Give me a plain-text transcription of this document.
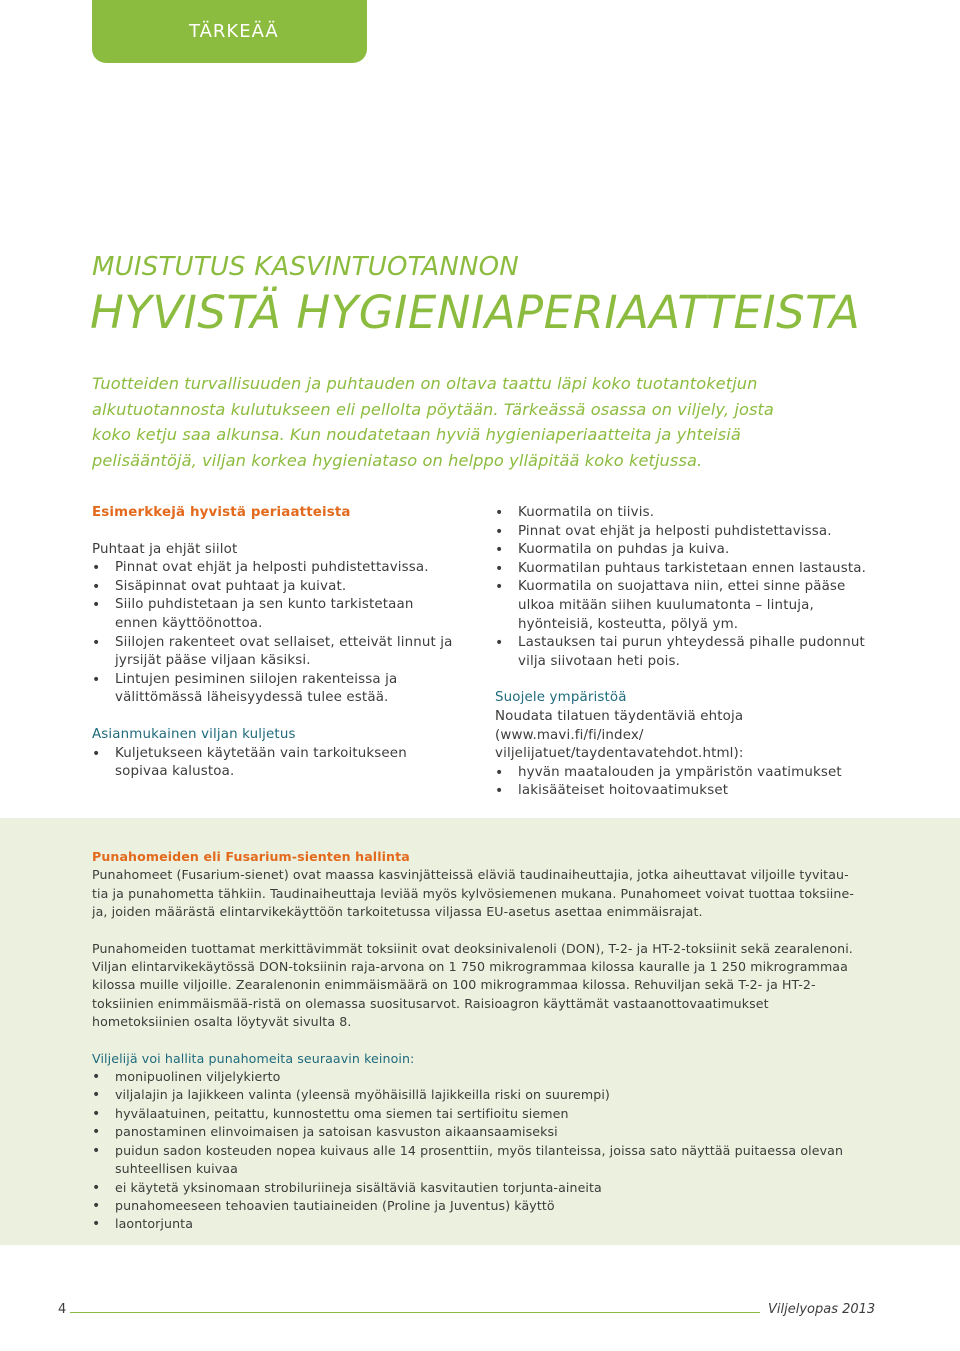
TÄRKEÄÄ
MUISTUTUS KASVINTUOTANNON
HYVISTÄ HYGIENIAPERIAATTEISTA
Tuotteiden turvallisuuden ja puhtauden on oltava taattu läpi koko tuotantoketjun
alkutuotannosta kulutukseen eli pellolta pöytään. Tärkeässä osassa on viljely, josta
koko ketju saa alkunsa. Kun noudatetaan hyviä hygieniaperiaatteita ja yhteisiä
pelisääntöjä, viljan korkea hygieniataso on helppo ylläpitää koko ketjussa.
Esimerkkejä hyvistä periaatteista
Puhtaat ja ehjät siilot
• Pinnat ovat ehjät ja helposti puhdistettavissa.
• Sisäpinnat ovat puhtaat ja kuivat.
• Siilo puhdistetaan ja sen kunto tarkistetaan ennen käyttöönottoa.
• Siilojen rakenteet ovat sellaiset, etteivät linnut ja jyrsijät pääse viljaan käsiksi.
• Lintujen pesiminen siilojen rakenteissa ja välittömässä läheisyydessä tulee estää.
Asianmukainen viljan kuljetus
• Kuljetukseen käytetään vain tarkoitukseen sopivaa kalustoa.
• Kuormatila on tiivis.
• Pinnat ovat ehjät ja helposti puhdistettavissa.
• Kuormatila on puhdas ja kuiva.
• Kuormatilan puhtaus tarkistetaan ennen lastausta.
• Kuormatila on suojattava niin, ettei sinne pääse ulkoa mitään siihen kuulumatonta – lintuja, hyönteisiä, kosteutta, pölyä ym.
• Lastauksen tai purun yhteydessä pihalle pudonnut vilja siivotaan heti pois.
Suojele ympäristöä
Noudata tilatuen täydentäviä ehtoja (www.mavi.fi/fi/index/ viljelijatuet/taydentavatehdot.html):
• hyvän maatalouden ja ympäristön vaatimukset
• lakisääteiset hoitovaatimukset
Punahomeiden eli Fusarium-sienten hallinta

Punahomeet (Fusarium-sienet) ovat maassa kasvinjätteissä eläviä taudinaiheuttajia, jotka aiheuttavat viljoille tyvitau-tia ja punahometta tähkiin. Taudinaiheuttaja leviää myös kylvösiemenen mukana. Punahomeet voivat tuottaa toksiine-ja, joiden määrästä elintarvikekäyttöön tarkoitetussa viljassa EU-asetus asettaa enimmäisrajat.

Punahomeiden tuottamat merkittävimmät toksiinit ovat deoksinivalenoli (DON), T-2- ja HT-2-toksiinit sekä zearalenoni. Viljan elintarvikekäytössä DON-toksiinin raja-arvona on 1 750 mikrogrammaa kilossa kauralle ja 1 250 mikrogrammaa kilossa muille viljoille. Zearalenonin enimmäismäärä on 100 mikrogrammaa kilossa. Rehuviljan sekä T-2- ja HT-2-toksiinien enimmäismää-ristä on olemassa suositusarvot. Raisioagron käyttämät vastaanottovaatimukset hometoksiinien osalta löytyvät sivulta 8.

Viljelijä voi hallita punahomeita seuraavin keinoin:
• monipuolinen viljelykierto
• viljalajin ja lajikkeen valinta (yleensä myöhäisillä lajikkeilla riski on suurempi)
• hyvälaatuinen, peitattu, kunnostettu oma siemen tai sertifioitu siemen
• panostaminen elinvoimaisen ja satoisan kasvuston aikaansaamiseksi
• puidun sadon kosteuden nopea kuivaus alle 14 prosenttiin, myös tilanteissa, joissa sato näyttää puitaessa olevan suhteellisen kuivaa
• ei käytetä yksinomaan strobiluriineja sisältäviä kasvitautien torjunta-aineita
• punahomeeseen tehoavien tautiaineiden (Proline ja Juventus) käyttö
• laontorjunta
4	Viljelyopas 2013
